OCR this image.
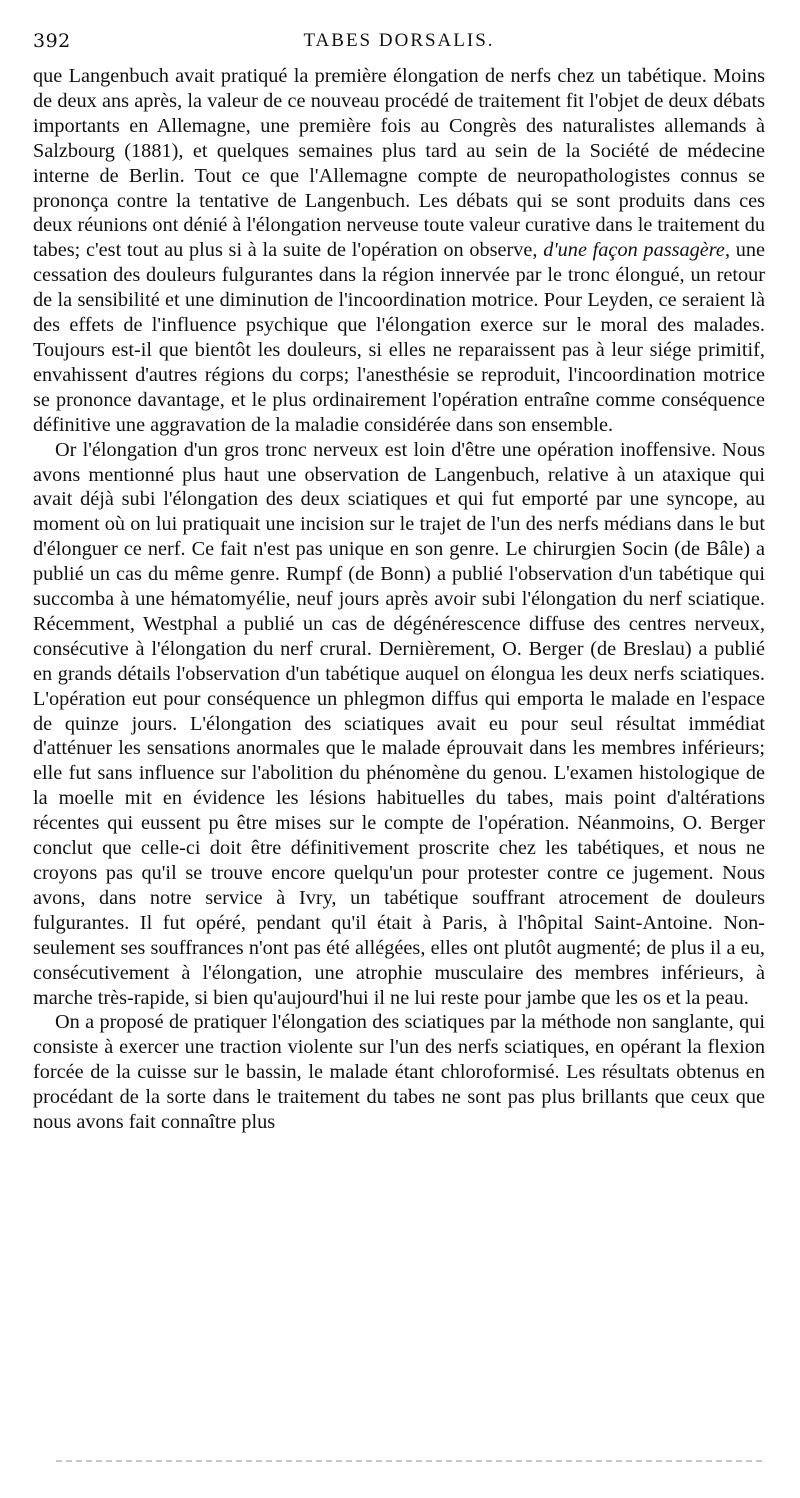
392	TABES DORSALIS.

que Langenbuch avait pratiqué la première élongation de nerfs chez un tabétique. Moins de deux ans après, la valeur de ce nouveau procédé de traitement fit l'objet de deux débats importants en Allemagne, une première fois au Congrès des naturalistes allemands à Salzbourg (1881), et quelques semaines plus tard au sein de la Société de médecine interne de Berlin. Tout ce que l'Allemagne compte de neuropathologistes connus se prononça contre la tentative de Langenbuch. Les débats qui se sont produits dans ces deux réunions ont dénié à l'élongation nerveuse toute valeur curative dans le traitement du tabes; c'est tout au plus si à la suite de l'opération on observe, d'une façon passagère, une cessation des douleurs fulgurantes dans la région innervée par le tronc élongué, un retour de la sensibilité et une diminution de l'incoordination motrice. Pour Leyden, ce seraient là des effets de l'influence psychique que l'élongation exerce sur le moral des malades. Toujours est-il que bientôt les douleurs, si elles ne reparaissent pas à leur siége primitif, envahissent d'autres régions du corps; l'anesthésie se reproduit, l'incoordination motrice se prononce davantage, et le plus ordinairement l'opération entraîne comme conséquence définitive une aggravation de la maladie considérée dans son ensemble.

Or l'élongation d'un gros tronc nerveux est loin d'être une opération inoffensive. Nous avons mentionné plus haut une observation de Langenbuch, relative à un ataxique qui avait déjà subi l'élongation des deux sciatiques et qui fut emporté par une syncope, au moment où on lui pratiquait une incision sur le trajet de l'un des nerfs médians dans le but d'élonguer ce nerf. Ce fait n'est pas unique en son genre. Le chirurgien Socin (de Bâle) a publié un cas du même genre. Rumpf (de Bonn) a publié l'observation d'un tabétique qui succomba à une hématomyélie, neuf jours après avoir subi l'élongation du nerf sciatique. Récemment, Westphal a publié un cas de dégénérescence diffuse des centres nerveux, consécutive à l'élongation du nerf crural. Dernièrement, O. Berger (de Breslau) a publié en grands détails l'observation d'un tabétique auquel on élongua les deux nerfs sciatiques. L'opération eut pour conséquence un phlegmon diffus qui emporta le malade en l'espace de quinze jours. L'élongation des sciatiques avait eu pour seul résultat immédiat d'atténuer les sensations anormales que le malade éprouvait dans les membres inférieurs; elle fut sans influence sur l'abolition du phénomène du genou. L'examen histologique de la moelle mit en évidence les lésions habituelles du tabes, mais point d'altérations récentes qui eussent pu être mises sur le compte de l'opération. Néanmoins, O. Berger conclut que celle-ci doit être définitivement proscrite chez les tabétiques, et nous ne croyons pas qu'il se trouve encore quelqu'un pour protester contre ce jugement. Nous avons, dans notre service à Ivry, un tabétique souffrant atrocement de douleurs fulgurantes. Il fut opéré, pendant qu'il était à Paris, à l'hôpital Saint-Antoine. Non-seulement ses souffrances n'ont pas été allégées, elles ont plutôt augmenté; de plus il a eu, consécutivement à l'élongation, une atrophie musculaire des membres inférieurs, à marche très-rapide, si bien qu'aujourd'hui il ne lui reste pour jambe que les os et la peau.

On a proposé de pratiquer l'élongation des sciatiques par la méthode non sanglante, qui consiste à exercer une traction violente sur l'un des nerfs sciatiques, en opérant la flexion forcée de la cuisse sur le bassin, le malade étant chloroformisé. Les résultats obtenus en procédant de la sorte dans le traitement du tabes ne sont pas plus brillants que ceux que nous avons fait connaître plus
